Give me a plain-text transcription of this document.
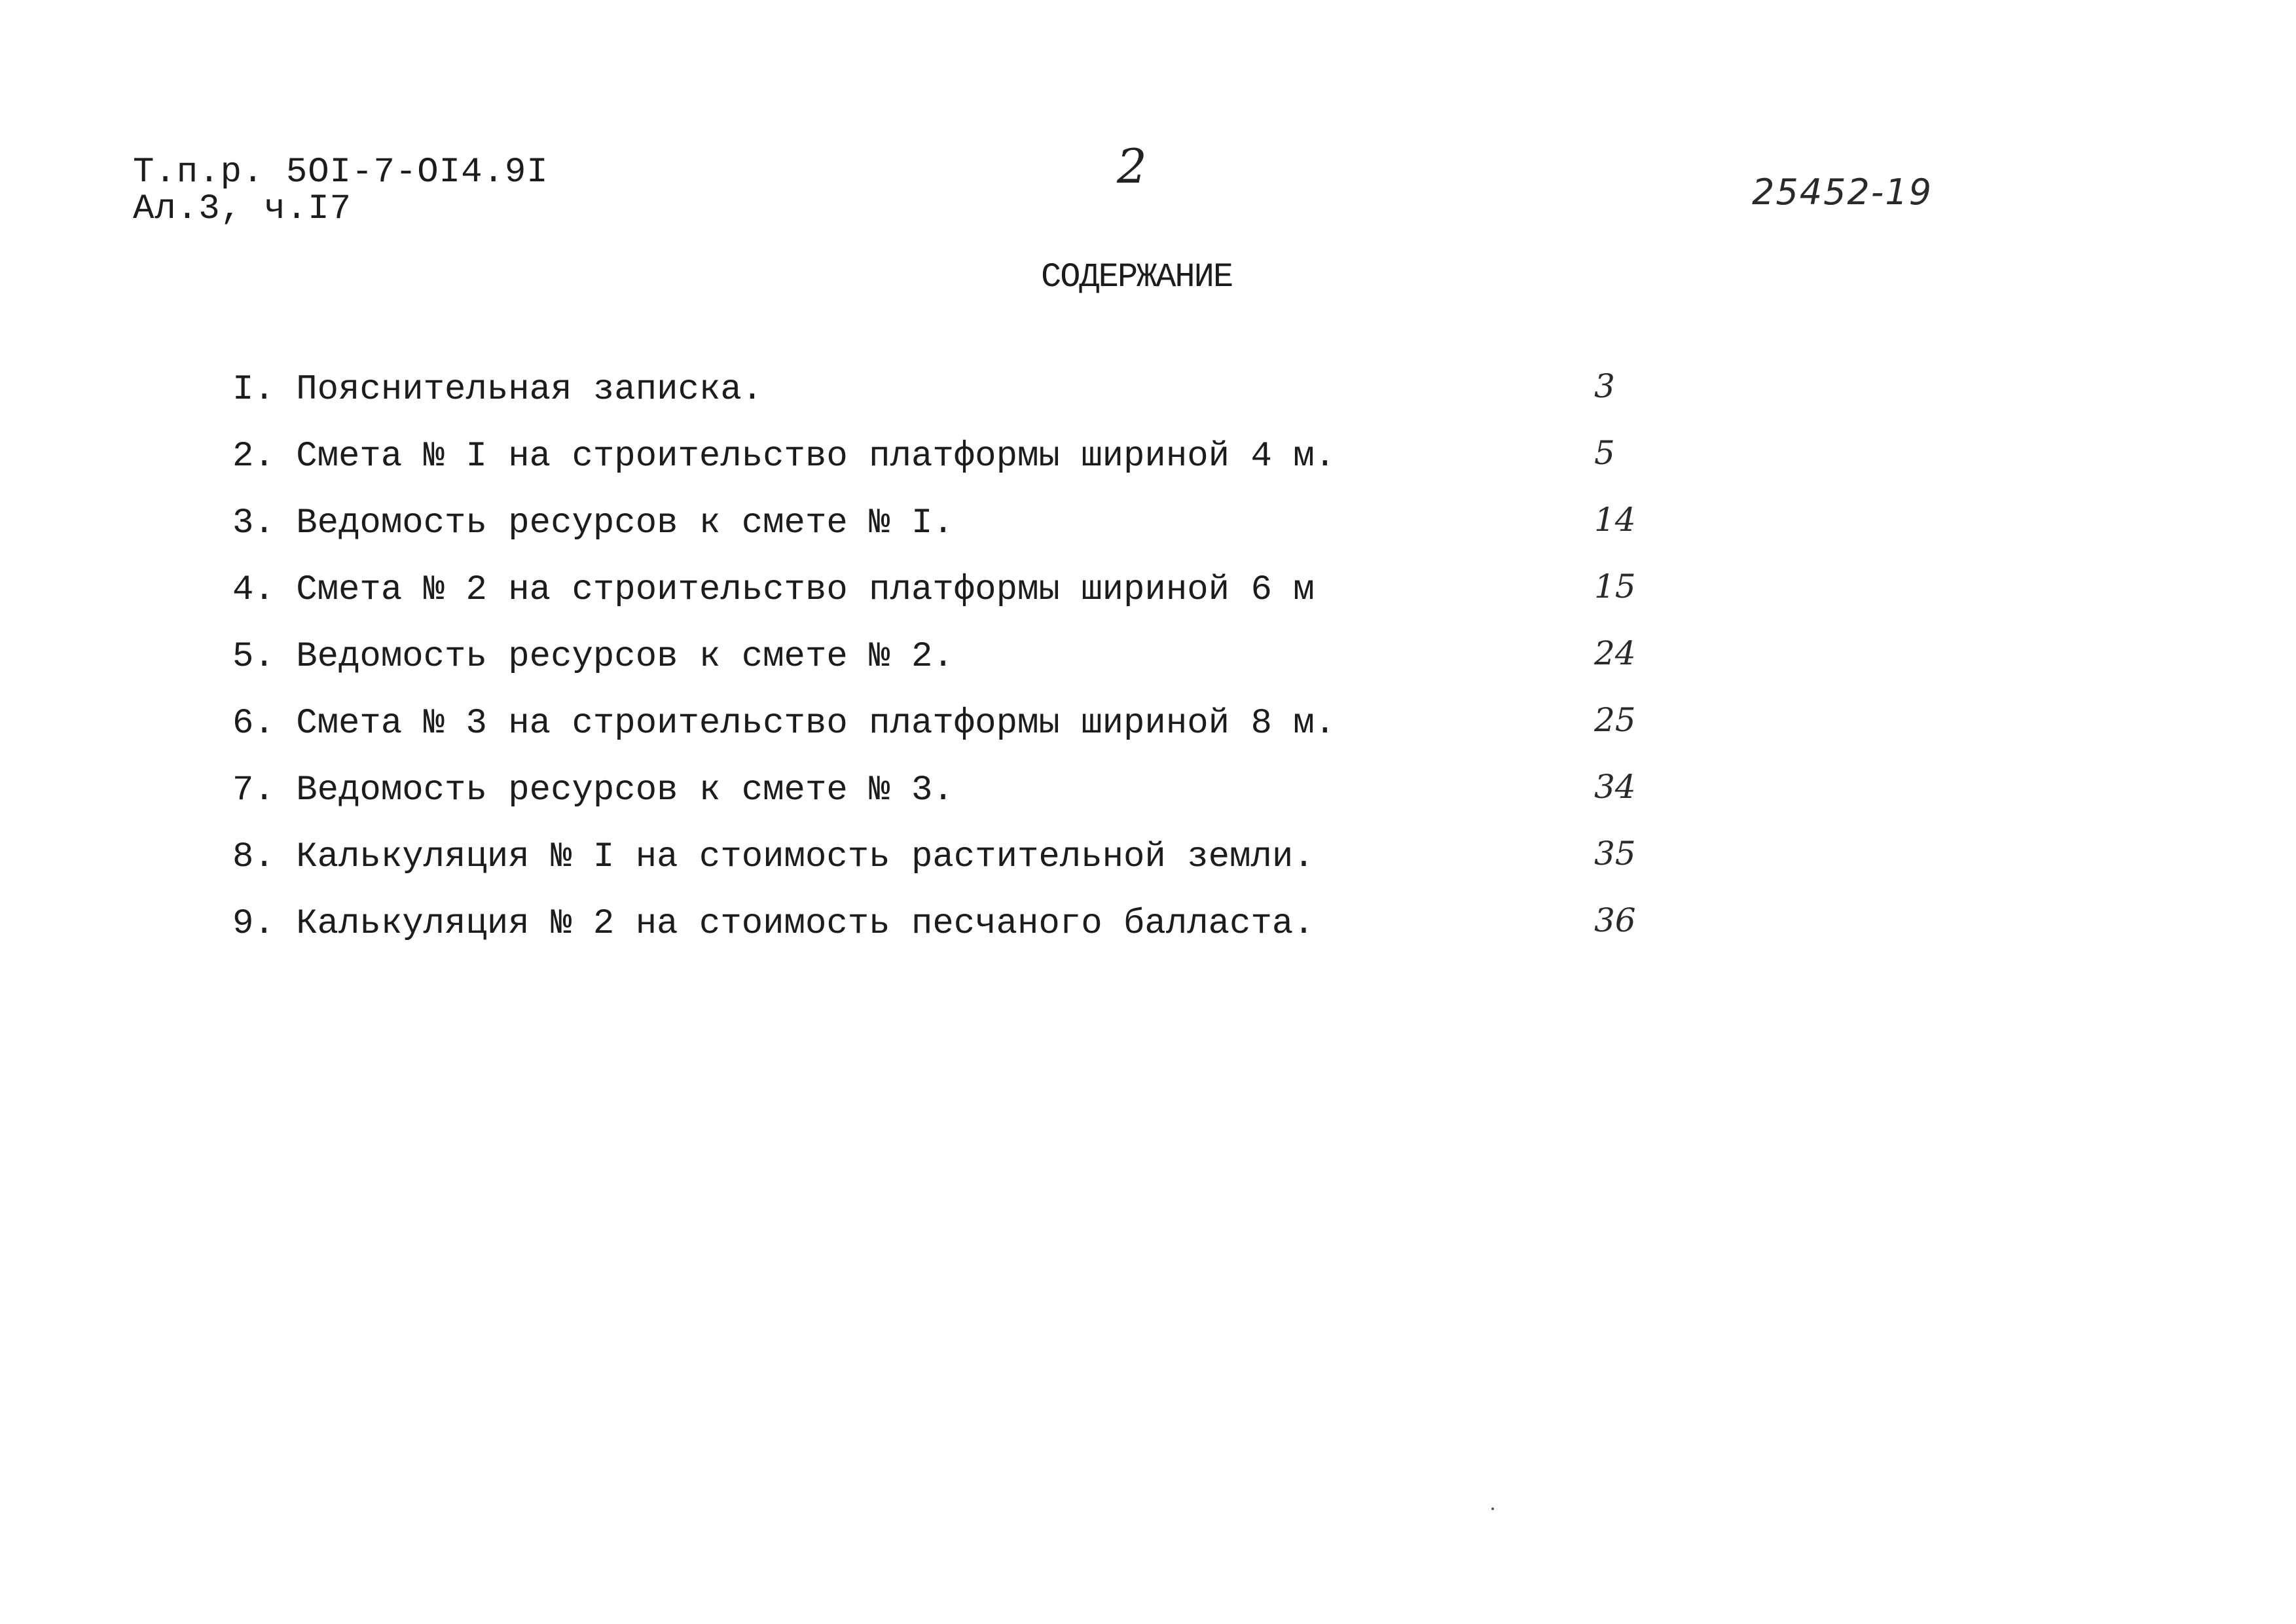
Т.п.р. 5OI-7-OI4.9I
Ал.3, ч.I7
2	25452-19
СОДЕРЖАНИЕ
I. Пояснительная записка.	3
2. Смета № I на строительство платформы шириной 4 м.	5
3. Ведомость ресурсов к смете № I.	14
4. Смета № 2 на строительство платформы шириной 6 м	15
5. Ведомость ресурсов к смете № 2.	24
6. Смета № 3 на строительство платформы шириной 8 м.	25
7. Ведомость ресурсов к смете № 3.	34
8. Калькуляция № I на стоимость растительной земли.	35
9. Калькуляция № 2 на стоимость песчаного балласта.	36
